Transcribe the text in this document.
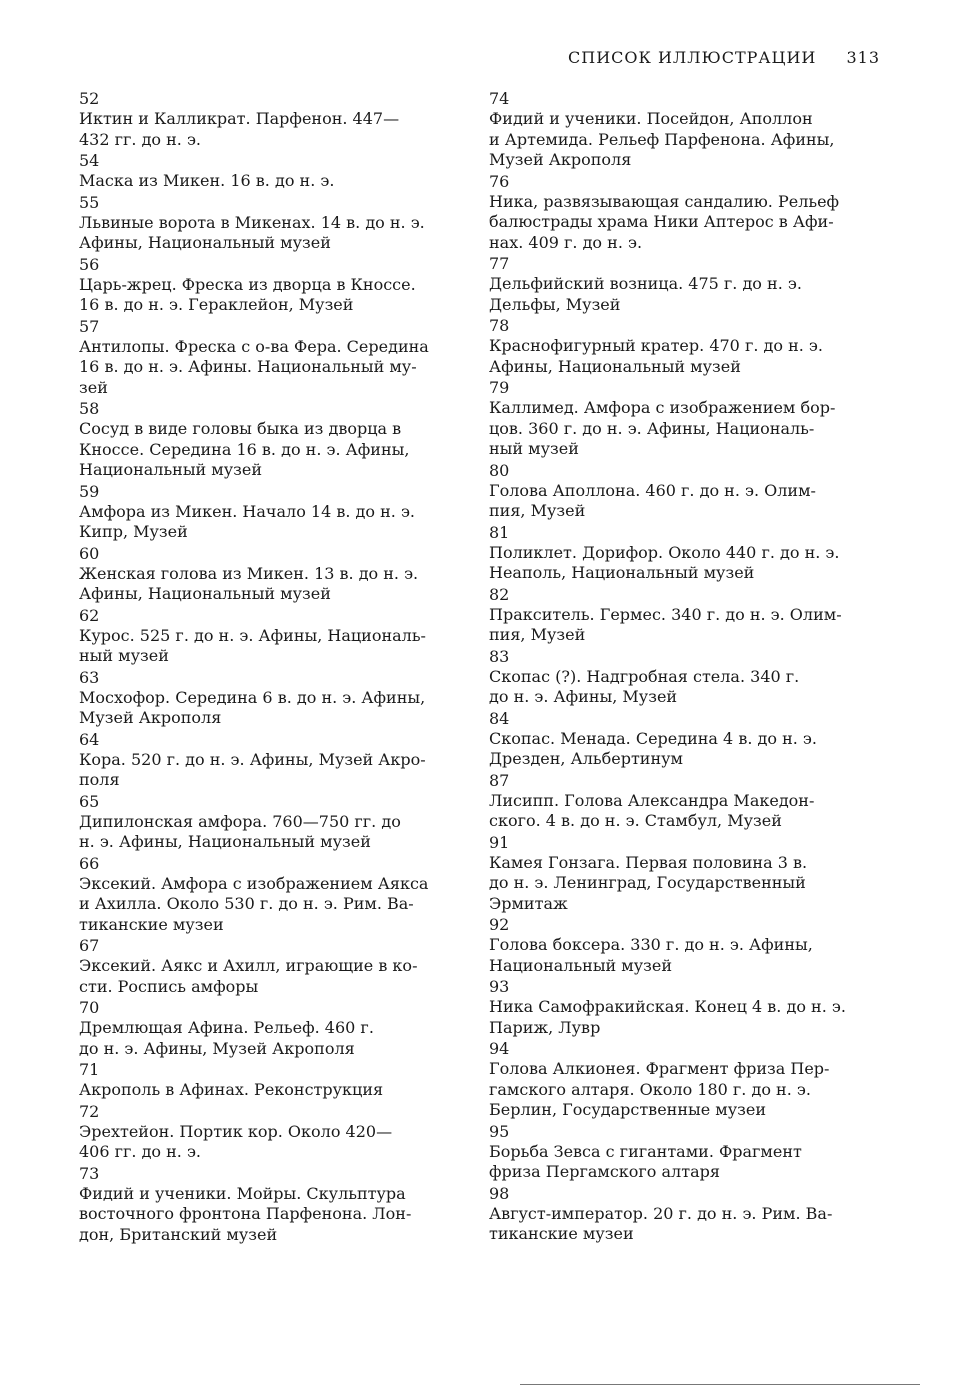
СПИСОК ИЛЛЮСТРАЦИИ 313
52
Иктин и Калликрат. Парфенон. 447—
432 гг. до н. э.
54
Маска из Микен. 16 в. до н. э.
55
Львиные ворота в Микенах. 14 в. до н. э.
Афины, Национальный музей
56
Царь-жрец. Фреска из дворца в Кноссе.
16 в. до н. э. Гераклейон, Музей
57
Антилопы. Фреска с о-ва Фера. Середина
16 в. до н. э. Афины. Национальный му-
зей
58
Сосуд в виде головы быка из дворца в
Кноссе. Середина 16 в. до н. э. Афины,
Национальный музей
59
Амфора из Микен. Начало 14 в. до н. э.
Кипр, Музей
60
Женская голова из Микен. 13 в. до н. э.
Афины, Национальный музей
62
Курос. 525 г. до н. э. Афины, Националь-
ный музей
63
Мосхофор. Середина 6 в. до н. э. Афины,
Музей Акрополя
64
Кора. 520 г. до н. э. Афины, Музей Акро-
поля
65
Дипилонская амфора. 760—750 гг. до
н. э. Афины, Национальный музей
66
Эксекий. Амфора с изображением Аякса
и Ахилла. Около 530 г. до н. э. Рим. Ва-
тиканские музеи
67
Эксекий. Аякс и Ахилл, играющие в ко-
сти. Роспись амфоры
70
Дремлющая Афина. Рельеф. 460 г.
до н. э. Афины, Музей Акрополя
71
Акрополь в Афинах. Реконструкция
72
Эрехтейон. Портик кор. Около 420—
406 гг. до н. э.
73
Фидий и ученики. Мойры. Скульптура
восточного фронтона Парфенона. Лон-
дон, Британский музей
74
Фидий и ученики. Посейдон, Аполлон
и Артемида. Рельеф Парфенона. Афины,
Музей Акрополя
76
Ника, развязывающая сандалию. Рельеф
балюстрады храма Ники Аптерос в Афи-
нах. 409 г. до н. э.
77
Дельфийский возница. 475 г. до н. э.
Дельфы, Музей
78
Краснофигурный кратер. 470 г. до н. э.
Афины, Национальный музей
79
Каллимед. Амфора с изображением бор-
цов. 360 г. до н. э. Афины, Националь-
ный музей
80
Голова Аполлона. 460 г. до н. э. Олим-
пия, Музей
81
Поликлет. Дорифор. Около 440 г. до н. э.
Неаполь, Национальный музей
82
Пракситель. Гермес. 340 г. до н. э. Олим-
пия, Музей
83
Скопас (?). Надгробная стела. 340 г.
до н. э. Афины, Музей
84
Скопас. Менада. Середина 4 в. до н. э.
Дрезден, Альбертинум
87
Лисипп. Голова Александра Македон-
ского. 4 в. до н. э. Стамбул, Музей
91
Камея Гонзага. Первая половина 3 в.
до н. э. Ленинград, Государственный
Эрмитаж
92
Голова боксера. 330 г. до н. э. Афины,
Национальный музей
93
Ника Самофракийская. Конец 4 в. до н. э.
Париж, Лувр
94
Голова Алкионея. Фрагмент фриза Пер-
гамского алтаря. Около 180 г. до н. э.
Берлин, Государственные музеи
95
Борьба Зевса с гигантами. Фрагмент
фриза Пергамского алтаря
98
Август-император. 20 г. до н. э. Рим. Ва-
тиканские музеи
